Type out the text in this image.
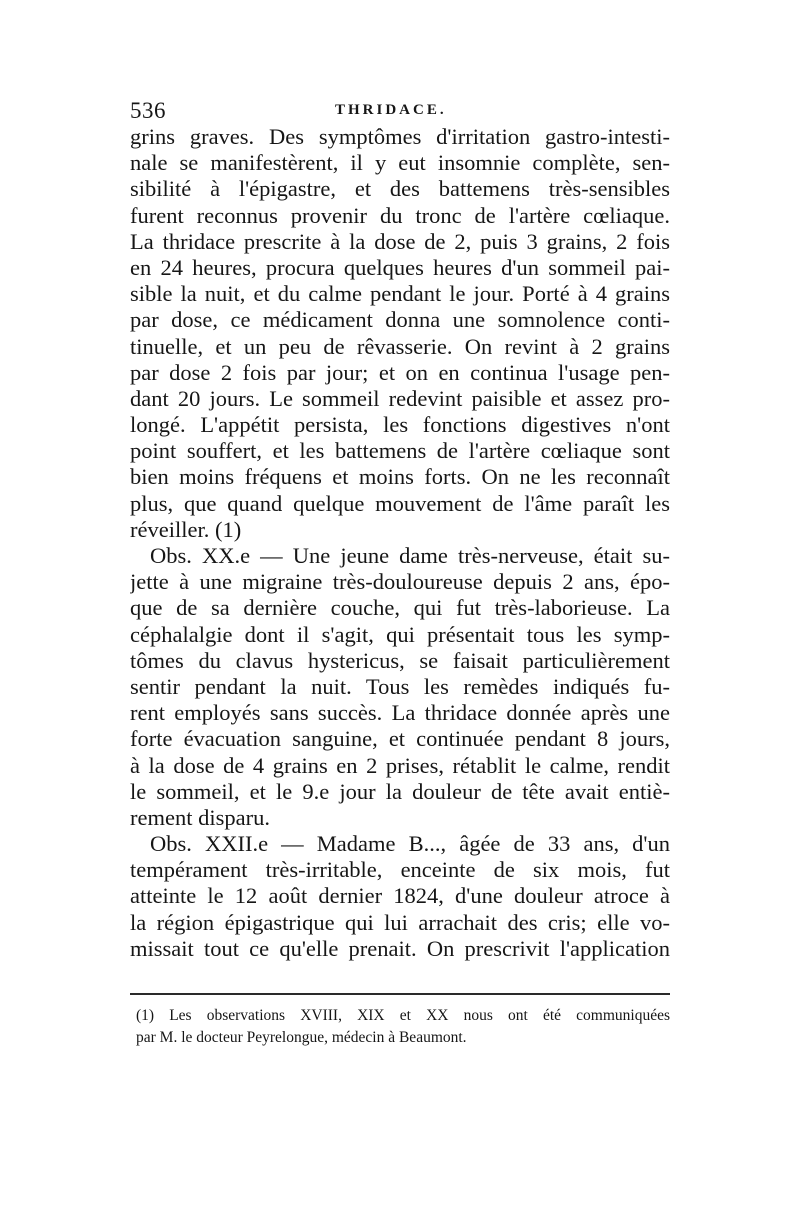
536	THRIDACE.
grins graves. Des symptômes d'irritation gastro-intesti-
nale se manifestèrent, il y eut insomnie complète, sen-
sibilité à l'épigastre, et des battemens très-sensibles
furent reconnus provenir du tronc de l'artère cœliaque.
La thridace prescrite à la dose de 2, puis 3 grains, 2 fois
en 24 heures, procura quelques heures d'un sommeil pai-
sible la nuit, et du calme pendant le jour. Porté à 4 grains
par dose, ce médicament donna une somnolence conti-
tinuelle, et un peu de rêvasserie. On revint à 2 grains
par dose 2 fois par jour; et on en continua l'usage pen-
dant 20 jours. Le sommeil redevint paisible et assez pro-
longé. L'appétit persista, les fonctions digestives n'ont
point souffert, et les battemens de l'artère cœliaque sont
bien moins fréquens et moins forts. On ne les reconnaît
plus, que quand quelque mouvement de l'âme paraît les
réveiller. (1)
Obs. XX.e — Une jeune dame très-nerveuse, était su-
jette à une migraine très-douloureuse depuis 2 ans, épo-
que de sa dernière couche, qui fut très-laborieuse. La
céphalalgie dont il s'agit, qui présentait tous les symp-
tômes du clavus hystericus, se faisait particulièrement
sentir pendant la nuit. Tous les remèdes indiqués fu-
rent employés sans succès. La thridace donnée après une
forte évacuation sanguine, et continuée pendant 8 jours,
à la dose de 4 grains en 2 prises, rétablit le calme, rendit
le sommeil, et le 9.e jour la douleur de tête avait entiè-
rement disparu.
Obs. XXII.e — Madame B..., âgée de 33 ans, d'un
tempérament très-irritable, enceinte de six mois, fut
atteinte le 12 août dernier 1824, d'une douleur atroce à
la région épigastrique qui lui arrachait des cris; elle vo-
missait tout ce qu'elle prenait. On prescrivit l'application
(1) Les observations XVIII, XIX et XX nous ont été communiquées
par M. le docteur Peyrelongue, médecin à Beaumont.
